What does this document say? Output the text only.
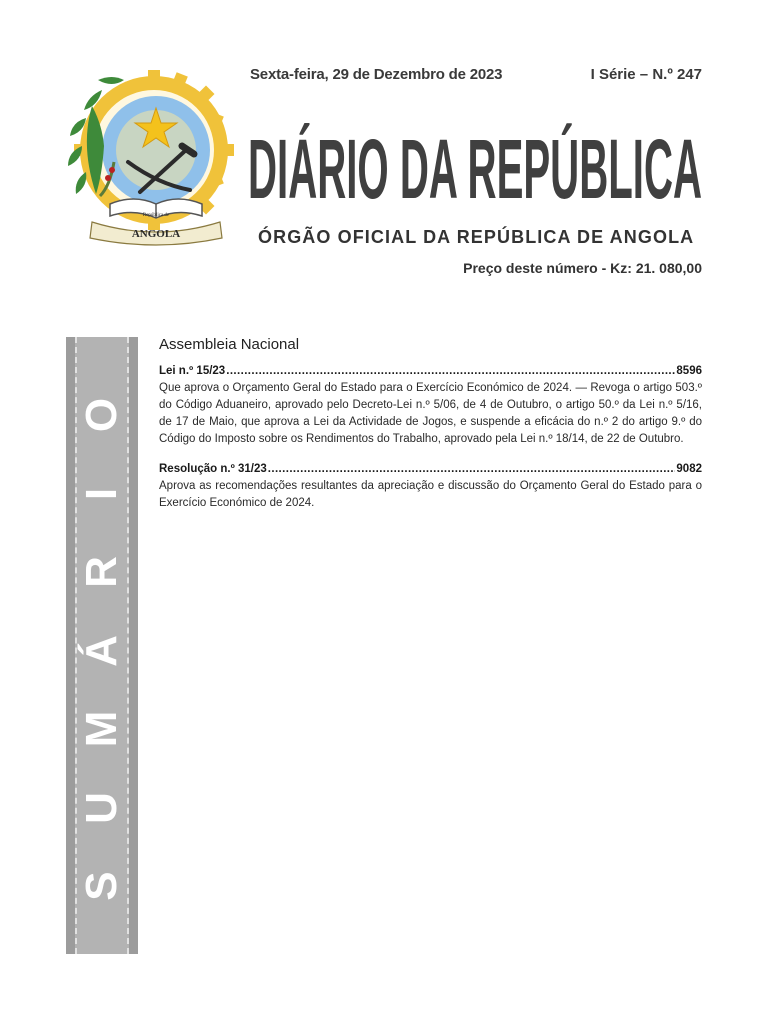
ANGOLA
República de
Sexta-feira, 29 de Dezembro de 2023	I Série – N.º 247
DIÁRIO DA REPÚBLICA
ÓRGÃO OFICIAL DA REPÚBLICA DE ANGOLA
Preço deste número - Kz: 21. 080,00
S
U
M
Á
R
I
O
Assembleia Nacional
Lei n.º 15/23 .....	8596

Que aprova o Orçamento Geral do Estado para o Exercício Económico de 2024. — Revoga o artigo 503.º do Código Aduaneiro, aprovado pelo Decreto-Lei n.º 5/06, de 4 de Outubro, o artigo 50.º da Lei n.º 5/16, de 17 de Maio, que aprova a Lei da Actividade de Jogos, e suspende a eficácia do n.º 2 do artigo 9.º do Código do Imposto sobre os Rendimentos do Trabalho, aprovado pela Lei n.º 18/14, de 22 de Outubro.

Resolução n.º 31/23 .....	9082

Aprova as recomendações resultantes da apreciação e discussão do Orçamento Geral do Estado para o Exercício Económico de 2024.
